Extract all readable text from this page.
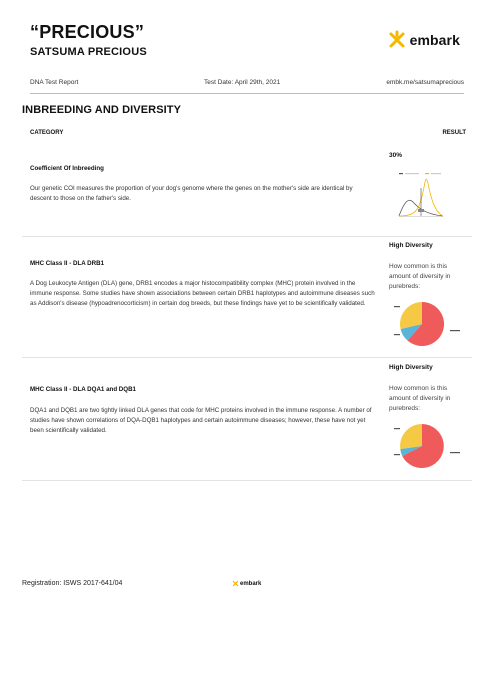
“PRECIOUS”
SATSUMA PRECIOUS
embark
DNA Test Report	Test Date: April 29th, 2021	embk.me/satsumaprecious
INBREEDING AND DIVERSITY
CATEGORY	RESULT
Coefficient Of Inbreeding
Our genetic COI measures the proportion of your dog's genome where the genes on the mother's side are identical by descent to those on the father's side.
30%
MHC Class II - DLA DRB1
A Dog Leukocyte Antigen (DLA) gene, DRB1 encodes a major histocompatibility complex (MHC) protein involved in the immune response. Some studies have shown associations between certain DRB1 haplotypes and autoimmune diseases such as Addison's disease (hypoadrenocorticism) in certain dog breeds, but these findings have yet to be scientifically validated.
High Diversity
How common is this amount of diversity in purebreds:
MHC Class II - DLA DQA1 and DQB1
DQA1 and DQB1 are two tightly linked DLA genes that code for MHC proteins involved in the immune response. A number of studies have shown correlations of DQA-DQB1 haplotypes and certain autoimmune diseases; however, these have not yet been scientifically validated.
High Diversity
How common is this amount of diversity in purebreds:
Registration: ISWS 2017-641/04	embark
